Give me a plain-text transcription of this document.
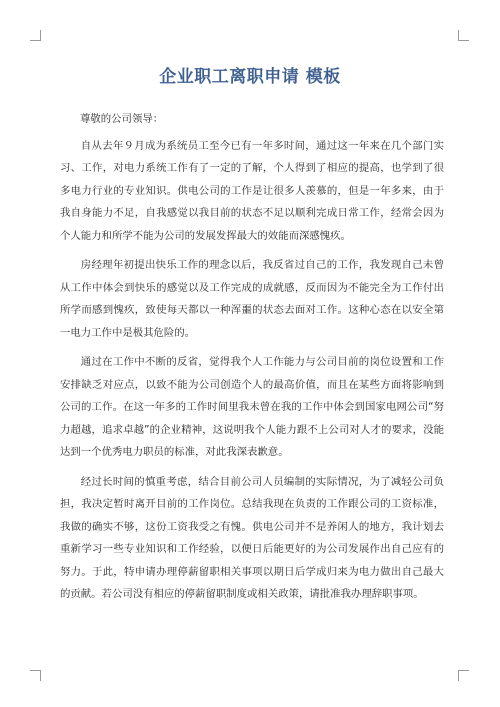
企业职工离职申请 模板

尊敬的公司领导：

自从去年９月成为系统员工至今已有一年多时间，通过这一年来在几个部门实习、工作，对电力系统工作有了一定的了解，个人得到了相应的提高，也学到了很多电力行业的专业知识。供电公司的工作是让很多人羡慕的，但是一年多来，由于我自身能力不足，自我感觉以我目前的状态不足以顺利完成日常工作，经常会因为个人能力和所学不能为公司的发展发挥最大的效能而深感愧疚。

房经理年初提出快乐工作的理念以后，我反省过自己的工作，我发现自己未曾从工作中体会到快乐的感觉以及工作完成的成就感，反而因为不能完全为工作付出所学而感到愧疚，致使每天都以一种浑噩的状态去面对工作。这种心态在以安全第一电力工作中是极其危险的。

通过在工作中不断的反省，觉得我个人工作能力与公司目前的岗位设置和工作安排缺乏对应点，以致不能为公司创造个人的最高价值，而且在某些方面将影响到公司的工作。在这一年多的工作时间里我未曾在我的工作中体会到国家电网公司“努力超越，追求卓越”的企业精神，这说明我个人能力跟不上公司对人才的要求，没能达到一个优秀电力职员的标准，对此我深表歉意。

经过长时间的慎重考虑，结合目前公司人员编制的实际情况，为了减轻公司负担，我决定暂时离开目前的工作岗位。总结我现在负责的工作跟公司的工资标准，我做的确实不够，这份工资我受之有愧。供电公司并不是养闲人的地方，我计划去重新学习一些专业知识和工作经验，以便日后能更好的为公司发展作出自己应有的努力。于此，特申请办理停薪留职相关事项以期日后学成归来为电力做出自己最大的贡献。若公司没有相应的停薪留职制度或相关政策，请批准我办理辞职事项。
